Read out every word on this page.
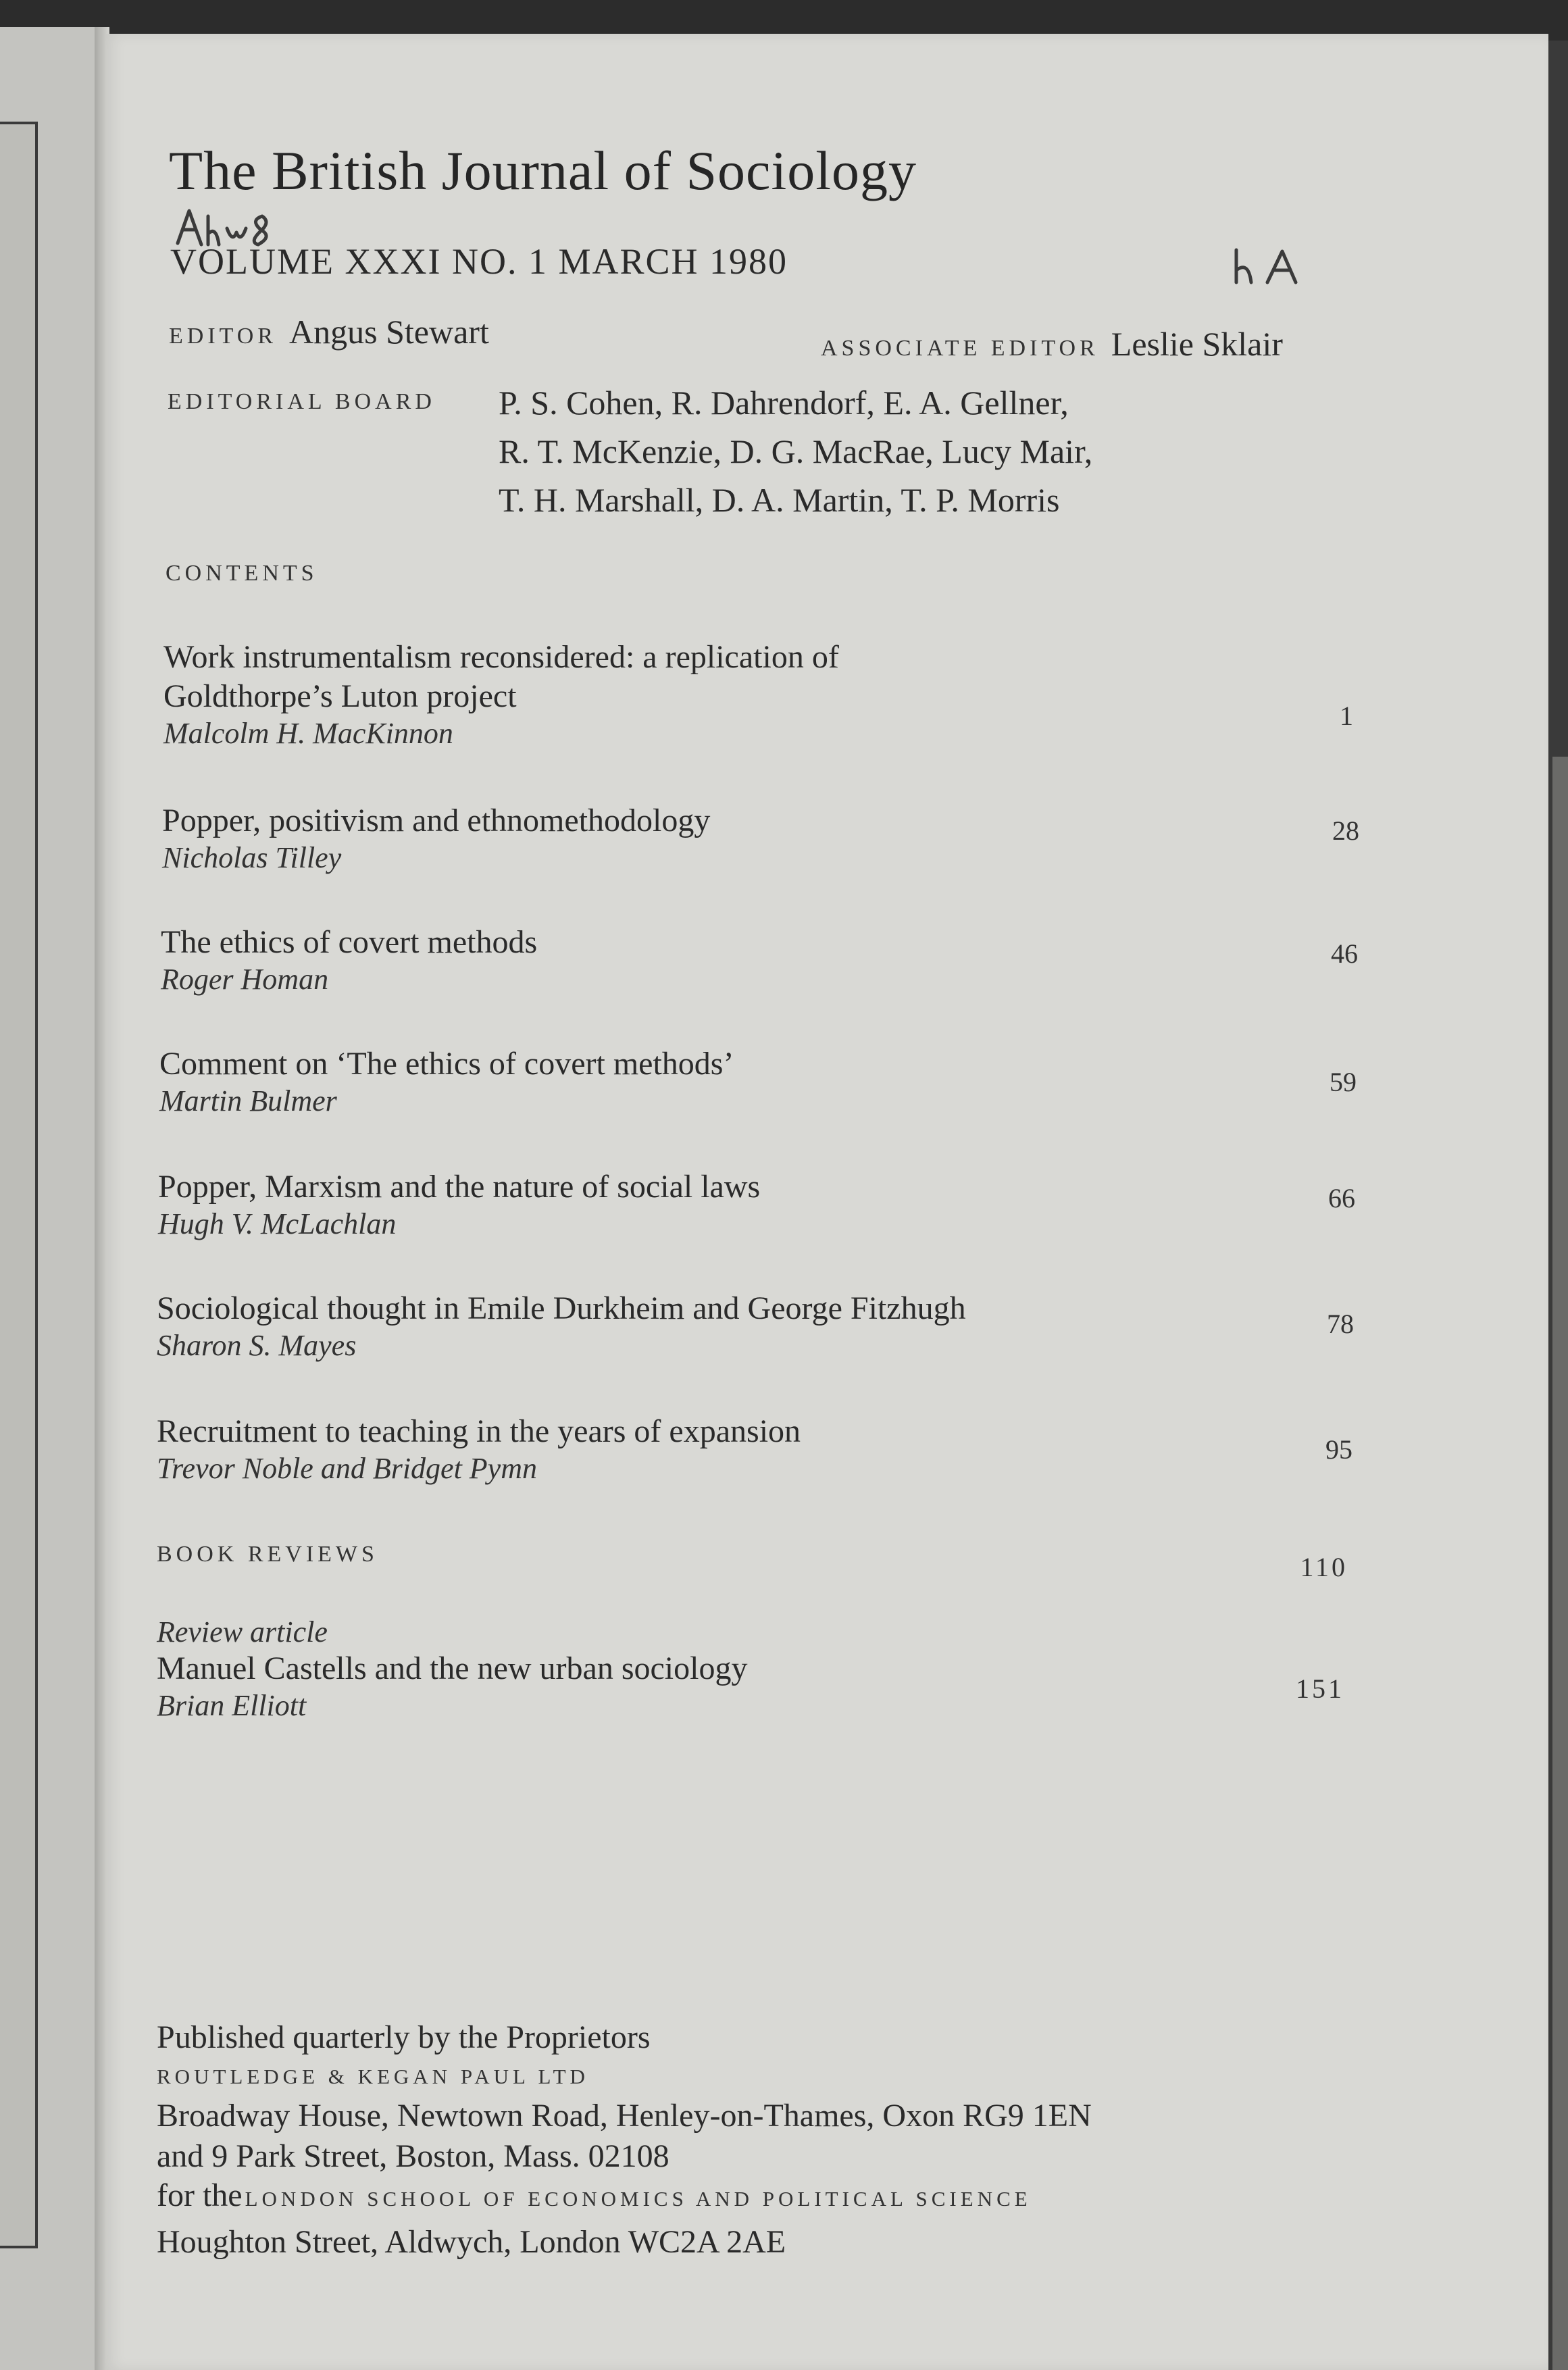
The British Journal of Sociology
VOLUME XXXI NO. 1 MARCH 1980
EDITOR Angus Stewart	ASSOCIATE EDITOR Leslie Sklair
EDITORIAL BOARD P. S. Cohen, R. Dahrendorf, E. A. Gellner,
R. T. McKenzie, D. G. MacRae, Lucy Mair,
T. H. Marshall, D. A. Martin, T. P. Morris
CONTENTS
Work instrumentalism reconsidered: a replication of
Goldthorpe’s Luton project
Malcolm H. MacKinnon
1
Popper, positivism and ethnomethodology
Nicholas Tilley
28
The ethics of covert methods
Roger Homan
46
Comment on ‘The ethics of covert methods’
Martin Bulmer
59
Popper, Marxism and the nature of social laws
Hugh V. McLachlan
66
Sociological thought in Emile Durkheim and George Fitzhugh
Sharon S. Mayes
78
Recruitment to teaching in the years of expansion
Trevor Noble and Bridget Pymn
95
BOOK REVIEWS	110
Review article
Manuel Castells and the new urban sociology
Brian Elliott
151
Published quarterly by the Proprietors
ROUTLEDGE & KEGAN PAUL LTD
Broadway House, Newtown Road, Henley-on-Thames, Oxon RG9 1EN
and 9 Park Street, Boston, Mass. 02108
for the LONDON SCHOOL OF ECONOMICS AND POLITICAL SCIENCE
Houghton Street, Aldwych, London WC2A 2AE
